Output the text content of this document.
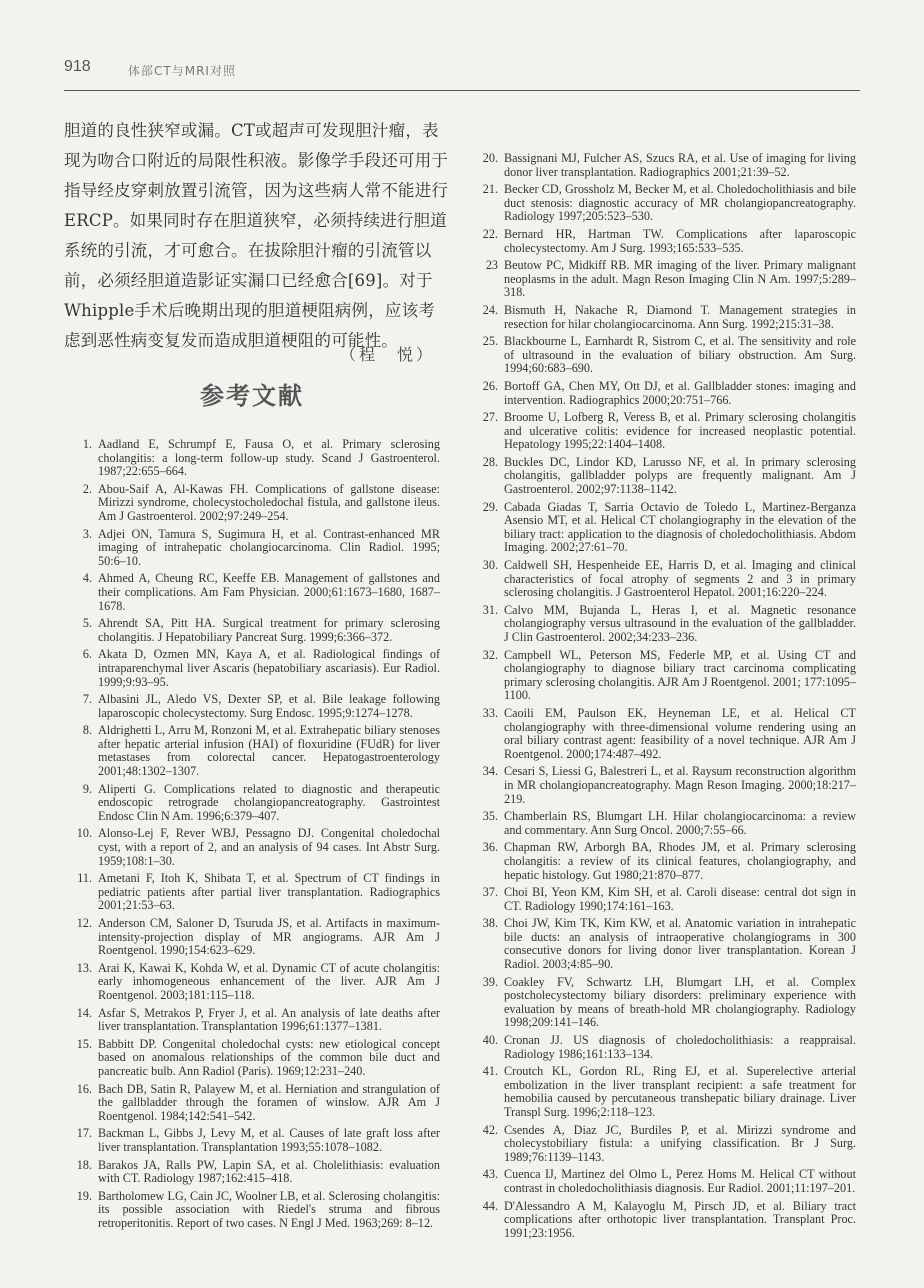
918	体部CT与MRI对照

胆道的良性狭窄或漏。CT或超声可发现胆汁瘤，表现为吻合口附近的局限性积液。影像学手段还可用于指导经皮穿刺放置引流管，因为这些病人常不能进行ERCP。如果同时存在胆道狭窄，必须持续进行胆道系统的引流，才可愈合。在拔除胆汁瘤的引流管以前，必须经胆道造影证实漏口已经愈合[69]。对于Whipple手术后晚期出现的胆道梗阻病例，应该考虑到恶性病变复发而造成胆道梗阻的可能性。

（程　悦）
参考文献
1. Aadland E, Schrumpf E, Fausa O, et al. Primary sclerosing cholangitis: a long-term follow-up study. Scand J Gastroenterol. 1987;22:655–664.
2. Abou-Saif A, Al-Kawas FH. Complications of gallstone disease: Mirizzi syndrome, cholecystocholedochal fistula, and gallstone ileus. Am J Gastroenterol. 2002;97:249–254.
3. Adjei ON, Tamura S, Sugimura H, et al. Contrast-enhanced MR imaging of intrahepatic cholangiocarcinoma. Clin Radiol. 1995; 50:6–10.
4. Ahmed A, Cheung RC, Keeffe EB. Management of gallstones and their complications. Am Fam Physician. 2000;61:1673–1680, 1687–1678.
5. Ahrendt SA, Pitt HA. Surgical treatment for primary sclerosing cholangitis. J Hepatobiliary Pancreat Surg. 1999;6:366–372.
6. Akata D, Ozmen MN, Kaya A, et al. Radiological findings of intraparenchymal liver Ascaris (hepatobiliary ascariasis). Eur Radiol. 1999;9:93–95.
7. Albasini JL, Aledo VS, Dexter SP, et al. Bile leakage following laparoscopic cholecystectomy. Surg Endosc. 1995;9:1274–1278.
8. Aldrighetti L, Arru M, Ronzoni M, et al. Extrahepatic biliary stenoses after hepatic arterial infusion (HAI) of floxuridine (FUdR) for liver metastases from colorectal cancer. Hepatogastroenterology 2001;48:1302–1307.
9. Aliperti G. Complications related to diagnostic and therapeutic endoscopic retrograde cholangiopancreatography. Gastrointest Endosc Clin N Am. 1996;6:379–407.
10. Alonso-Lej F, Rever WBJ, Pessagno DJ. Congenital choledochal cyst, with a report of 2, and an analysis of 94 cases. Int Abstr Surg. 1959;108:1–30.
11. Ametani F, Itoh K, Shibata T, et al. Spectrum of CT findings in pediatric patients after partial liver transplantation. Radiographics 2001;21:53–63.
12. Anderson CM, Saloner D, Tsuruda JS, et al. Artifacts in maximum-intensity-projection display of MR angiograms. AJR Am J Roentgenol. 1990;154:623–629.
13. Arai K, Kawai K, Kohda W, et al. Dynamic CT of acute cholangitis: early inhomogeneous enhancement of the liver. AJR Am J Roentgenol. 2003;181:115–118.
14. Asfar S, Metrakos P, Fryer J, et al. An analysis of late deaths after liver transplantation. Transplantation 1996;61:1377–1381.
15. Babbitt DP. Congenital choledochal cysts: new etiological concept based on anomalous relationships of the common bile duct and pancreatic bulb. Ann Radiol (Paris). 1969;12:231–240.
16. Bach DB, Satin R, Palayew M, et al. Herniation and strangulation of the gallbladder through the foramen of winslow. AJR Am J Roentgenol. 1984;142:541–542.
17. Backman L, Gibbs J, Levy M, et al. Causes of late graft loss after liver transplantation. Transplantation 1993;55:1078–1082.
18. Barakos JA, Ralls PW, Lapin SA, et al. Cholelithiasis: evaluation with CT. Radiology 1987;162:415–418.
19. Bartholomew LG, Cain JC, Woolner LB, et al. Sclerosing cholangitis: its possible association with Riedel's struma and fibrous retroperitonitis. Report of two cases. N Engl J Med. 1963;269: 8–12.
20. Bassignani MJ, Fulcher AS, Szucs RA, et al. Use of imaging for living donor liver transplantation. Radiographics 2001;21:39–52.
21. Becker CD, Grossholz M, Becker M, et al. Choledocholithiasis and bile duct stenosis: diagnostic accuracy of MR cholangiopancreatography. Radiology 1997;205:523–530.
22. Bernard HR, Hartman TW. Complications after laparoscopic cholecystectomy. Am J Surg. 1993;165:533–535.
23 Beutow PC, Midkiff RB. MR imaging of the liver. Primary malignant neoplasms in the adult. Magn Reson Imaging Clin N Am. 1997;5:289–318.
24. Bismuth H, Nakache R, Diamond T. Management strategies in resection for hilar cholangiocarcinoma. Ann Surg. 1992;215:31–38.
25. Blackbourne L, Earnhardt R, Sistrom C, et al. The sensitivity and role of ultrasound in the evaluation of biliary obstruction. Am Surg. 1994;60:683–690.
26. Bortoff GA, Chen MY, Ott DJ, et al. Gallbladder stones: imaging and intervention. Radiographics 2000;20:751–766.
27. Broome U, Lofberg R, Veress B, et al. Primary sclerosing cholangitis and ulcerative colitis: evidence for increased neoplastic potential. Hepatology 1995;22:1404–1408.
28. Buckles DC, Lindor KD, Larusso NF, et al. In primary sclerosing cholangitis, gallbladder polyps are frequently malignant. Am J Gastroenterol. 2002;97:1138–1142.
29. Cabada Giadas T, Sarria Octavio de Toledo L, Martinez-Berganza Asensio MT, et al. Helical CT cholangiography in the elevation of the biliary tract: application to the diagnosis of choledocholithiasis. Abdom Imaging. 2002;27:61–70.
30. Caldwell SH, Hespenheide EE, Harris D, et al. Imaging and clinical characteristics of focal atrophy of segments 2 and 3 in primary sclerosing cholangitis. J Gastroenterol Hepatol. 2001;16:220–224.
31. Calvo MM, Bujanda L, Heras I, et al. Magnetic resonance cholangiography versus ultrasound in the evaluation of the gallbladder. J Clin Gastroenterol. 2002;34:233–236.
32. Campbell WL, Peterson MS, Federle MP, et al. Using CT and cholangiography to diagnose biliary tract carcinoma complicating primary sclerosing cholangitis. AJR Am J Roentgenol. 2001; 177:1095–1100.
33. Caoili EM, Paulson EK, Heyneman LE, et al. Helical CT cholangiography with three-dimensional volume rendering using an oral biliary contrast agent: feasibility of a novel technique. AJR Am J Roentgenol. 2000;174:487–492.
34. Cesari S, Liessi G, Balestreri L, et al. Raysum reconstruction algorithm in MR cholangiopancreatography. Magn Reson Imaging. 2000;18:217–219.
35. Chamberlain RS, Blumgart LH. Hilar cholangiocarcinoma: a review and commentary. Ann Surg Oncol. 2000;7:55–66.
36. Chapman RW, Arborgh BA, Rhodes JM, et al. Primary sclerosing cholangitis: a review of its clinical features, cholangiography, and hepatic histology. Gut 1980;21:870–877.
37. Choi BI, Yeon KM, Kim SH, et al. Caroli disease: central dot sign in CT. Radiology 1990;174:161–163.
38. Choi JW, Kim TK, Kim KW, et al. Anatomic variation in intrahepatic bile ducts: an analysis of intraoperative cholangiograms in 300 consecutive donors for living donor liver transplantation. Korean J Radiol. 2003;4:85–90.
39. Coakley FV, Schwartz LH, Blumgart LH, et al. Complex postcholecystectomy biliary disorders: preliminary experience with evaluation by means of breath-hold MR cholangiography. Radiology 1998;209:141–146.
40. Cronan JJ. US diagnosis of choledocholithiasis: a reappraisal. Radiology 1986;161:133–134.
41. Croutch KL, Gordon RL, Ring EJ, et al. Superelective arterial embolization in the liver transplant recipient: a safe treatment for hemobilia caused by percutaneous transhepatic biliary drainage. Liver Transpl Surg. 1996;2:118–123.
42. Csendes A, Diaz JC, Burdiles P, et al. Mirizzi syndrome and cholecystobiliary fistula: a unifying classification. Br J Surg. 1989;76:1139–1143.
43. Cuenca IJ, Martinez del Olmo L, Perez Homs M. Helical CT without contrast in choledocholithiasis diagnosis. Eur Radiol. 2001;11:197–201.
44. D'Alessandro A M, Kalayoglu M, Pirsch JD, et al. Biliary tract complications after orthotopic liver transplantation. Transplant Proc. 1991;23:1956.
